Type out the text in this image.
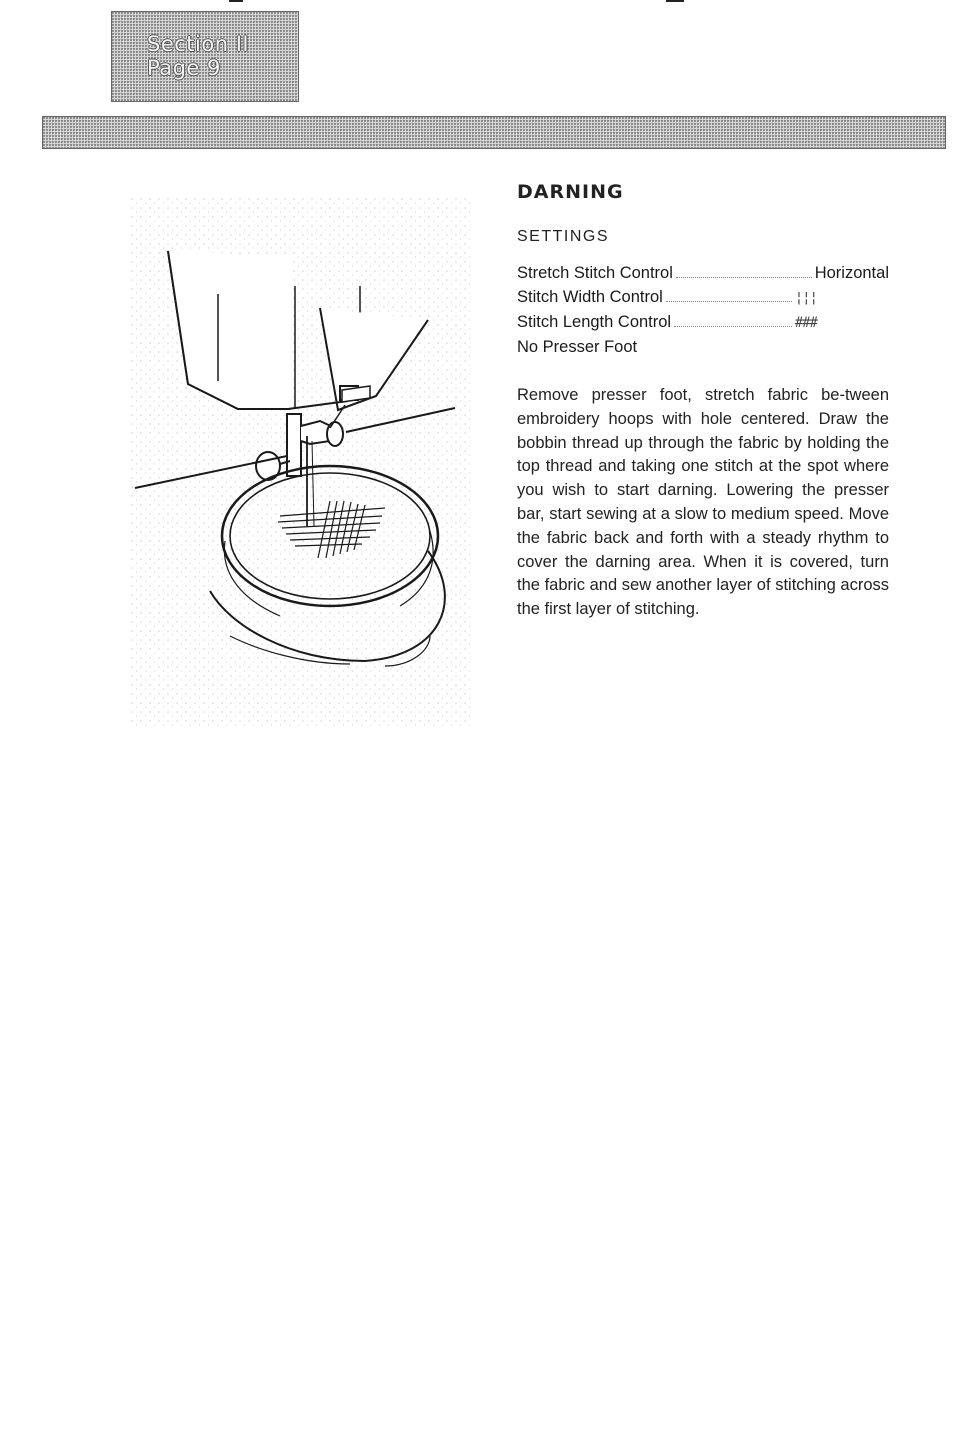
Section II
Page 9
DARNING
SETTINGS
Stretch Stitch Control	Horizontal
Stitch Width Control	¦¦¦
Stitch Length Control	###
No Presser Foot

Remove presser foot, stretch fabric be-tween embroidery hoops with hole centered. Draw the bobbin thread up through the fabric by holding the top thread and taking one stitch at the spot where you wish to start darning. Lowering the presser bar, start sewing at a slow to medium speed. Move the fabric back and forth with a steady rhythm to cover the darning area. When it is covered, turn the fabric and sew another layer of stitching across the first layer of stitching.
